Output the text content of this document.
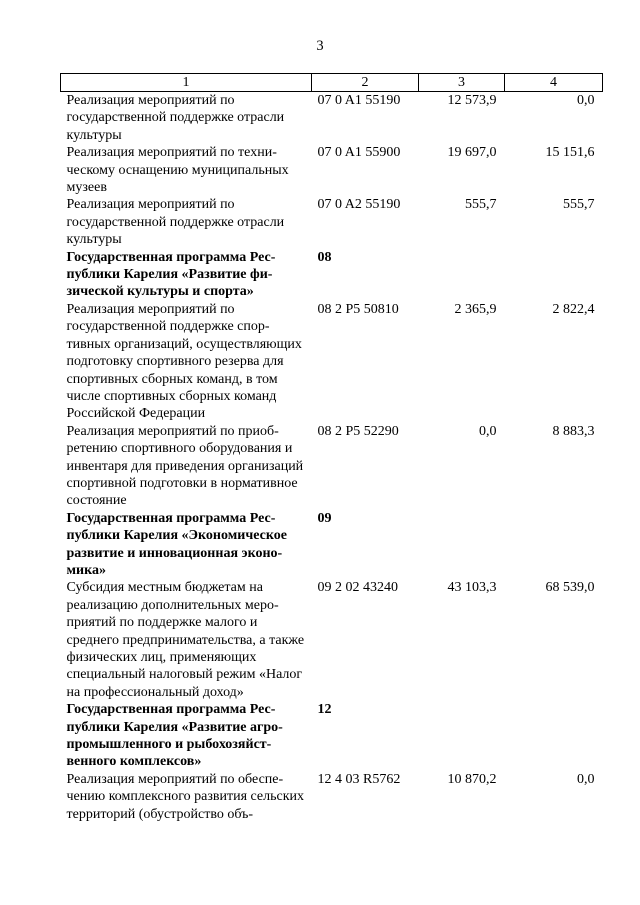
3
1	2	3	4
Реализация мероприятий по государственной поддержке отрасли культуры	07 0 A1 55190	12 573,9	0,0
Реализация мероприятий по техническому оснащению муниципальных музеев	07 0 A1 55900	19 697,0	15 151,6
Реализация мероприятий по государственной поддержке отрасли культуры	07 0 A2 55190	555,7	555,7
Государственная программа Республики Карелия «Развитие физической культуры и спорта»	08		
Реализация мероприятий по государственной поддержке спортивных организаций, осуществляющих подготовку спортивного резерва для спортивных сборных команд, в том числе спортивных сборных команд Российской Федерации	08 2 P5 50810	2 365,9	2 822,4
Реализация мероприятий по приобретению спортивного оборудования и инвентаря для приведения организаций спортивной подготовки в нормативное состояние	08 2 P5 52290	0,0	8 883,3
Государственная программа Республики Карелия «Экономическое развитие и инновационная экономика»	09		
Субсидия местным бюджетам на реализацию дополнительных мероприятий по поддержке малого и среднего предпринимательства, а также физических лиц, применяющих специальный налоговый режим «Налог на профессиональный доход»	09 2 02 43240	43 103,3	68 539,0
Государственная программа Республики Карелия «Развитие агропромышленного и рыбохозяйственного комплексов»	12		
Реализация мероприятий по обеспечению комплексного развития сельских территорий (обустройство объ-	12 4 03 R5762	10 870,2	0,0
